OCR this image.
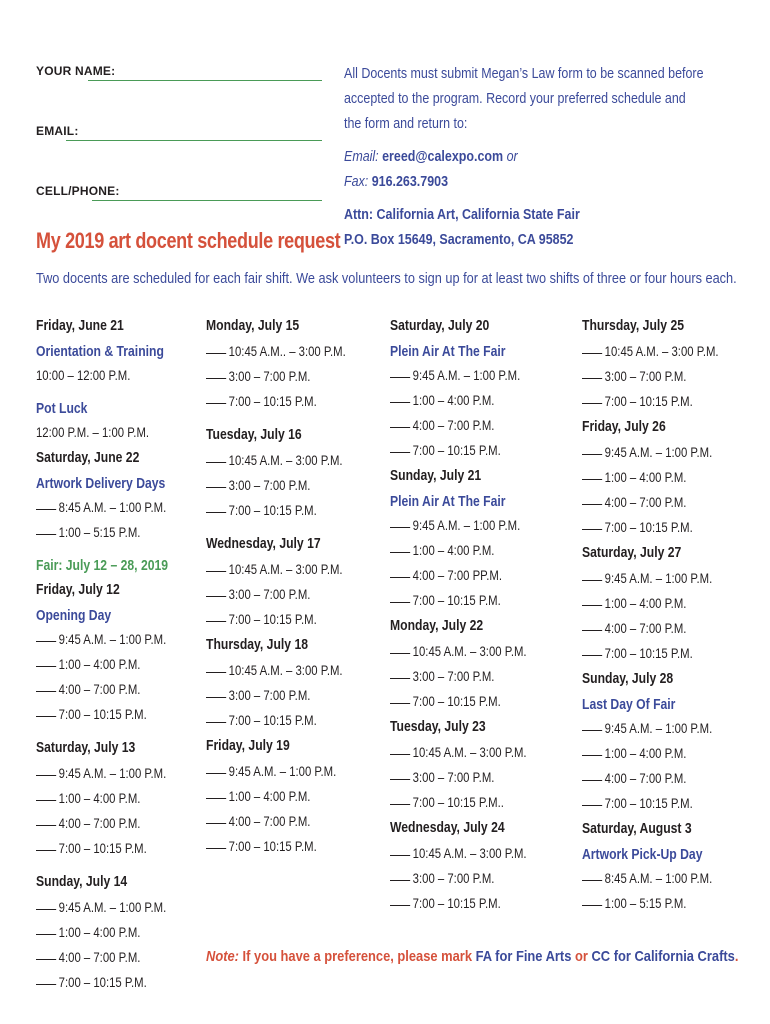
YOUR NAME:
EMAIL:
CELL/PHONE:
My 2019 art docent schedule request

All Docents must submit Megan’s Law form to be scanned before

accepted to the program. Record your preferred schedule and

the form and return to:

Email: ereed@calexpo.com or

Fax: 916.263.7903

Attn: California Art, California State Fair

P.O. Box 15649, Sacramento, CA 95852

Two docents are scheduled for each fair shift. We ask volunteers to sign up for at least two shifts of three or four hours each.
Friday, June 21
Orientation & Training
10:00 – 12:00 P.M.
Pot Luck
12:00 P.M. – 1:00 P.M.
Saturday, June 22
Artwork Delivery Days
8:45 A.M. – 1:00 P.M.
1:00 – 5:15 P.M.
Fair: July 12 – 28, 2019
Friday, July 12
Opening Day
9:45 A.M. – 1:00 P.M.
1:00 – 4:00 P.M.
4:00 – 7:00 P.M.
7:00 – 10:15 P.M.
Saturday, July 13
9:45 A.M. – 1:00 P.M.
1:00 – 4:00 P.M.
4:00 – 7:00 P.M.
7:00 – 10:15 P.M.
Sunday, July 14
9:45 A.M. – 1:00 P.M.
1:00 – 4:00 P.M.
4:00 – 7:00 P.M.
7:00 – 10:15 P.M.
Monday, July 15
10:45 A.M.. – 3:00 P.M.
3:00 – 7:00 P.M.
7:00 – 10:15 P.M.
Tuesday, July 16
10:45 A.M. – 3:00 P.M.
3:00 – 7:00 P.M.
7:00 – 10:15 P.M.
Wednesday, July 17
10:45 A.M. – 3:00 P.M.
3:00 – 7:00 P.M.
7:00 – 10:15 P.M.
Thursday, July 18
10:45 A.M. – 3:00 P.M.
3:00 – 7:00 P.M.
7:00 – 10:15 P.M.
Friday, July 19
9:45 A.M. – 1:00 P.M.
1:00 – 4:00 P.M.
4:00 – 7:00 P.M.
7:00 – 10:15 P.M.
Saturday, July 20
Plein Air At The Fair
9:45 A.M. – 1:00 P.M.
1:00 – 4:00 P.M.
4:00 – 7:00 P.M.
7:00 – 10:15 P.M.
Sunday, July 21
Plein Air At The Fair
9:45 A.M. – 1:00 P.M.
1:00 – 4:00 P.M.
4:00 – 7:00 PP.M.
7:00 – 10:15 P.M.
Monday, July 22
10:45 A.M. – 3:00 P.M.
3:00 – 7:00 P.M.
7:00 – 10:15 P.M.
Tuesday, July 23
10:45 A.M. – 3:00 P.M.
3:00 – 7:00 P.M.
7:00 – 10:15 P.M..
Wednesday, July 24
10:45 A.M. – 3:00 P.M.
3:00 – 7:00 P.M.
7:00 – 10:15 P.M.
Thursday, July 25
10:45 A.M. – 3:00 P.M.
3:00 – 7:00 P.M.
7:00 – 10:15 P.M.
Friday, July 26
9:45 A.M. – 1:00 P.M.
1:00 – 4:00 P.M.
4:00 – 7:00 P.M.
7:00 – 10:15 P.M.
Saturday, July 27
9:45 A.M. – 1:00 P.M.
1:00 – 4:00 P.M.
4:00 – 7:00 P.M.
7:00 – 10:15 P.M.
Sunday, July 28
Last Day Of Fair
9:45 A.M. – 1:00 P.M.
1:00 – 4:00 P.M.
4:00 – 7:00 P.M.
7:00 – 10:15 P.M.
Saturday, August 3
Artwork Pick-Up Day
8:45 A.M. – 1:00 P.M.
1:00 – 5:15 P.M.
Note: If you have a preference, please mark FA for Fine Arts or CC for California Crafts.
